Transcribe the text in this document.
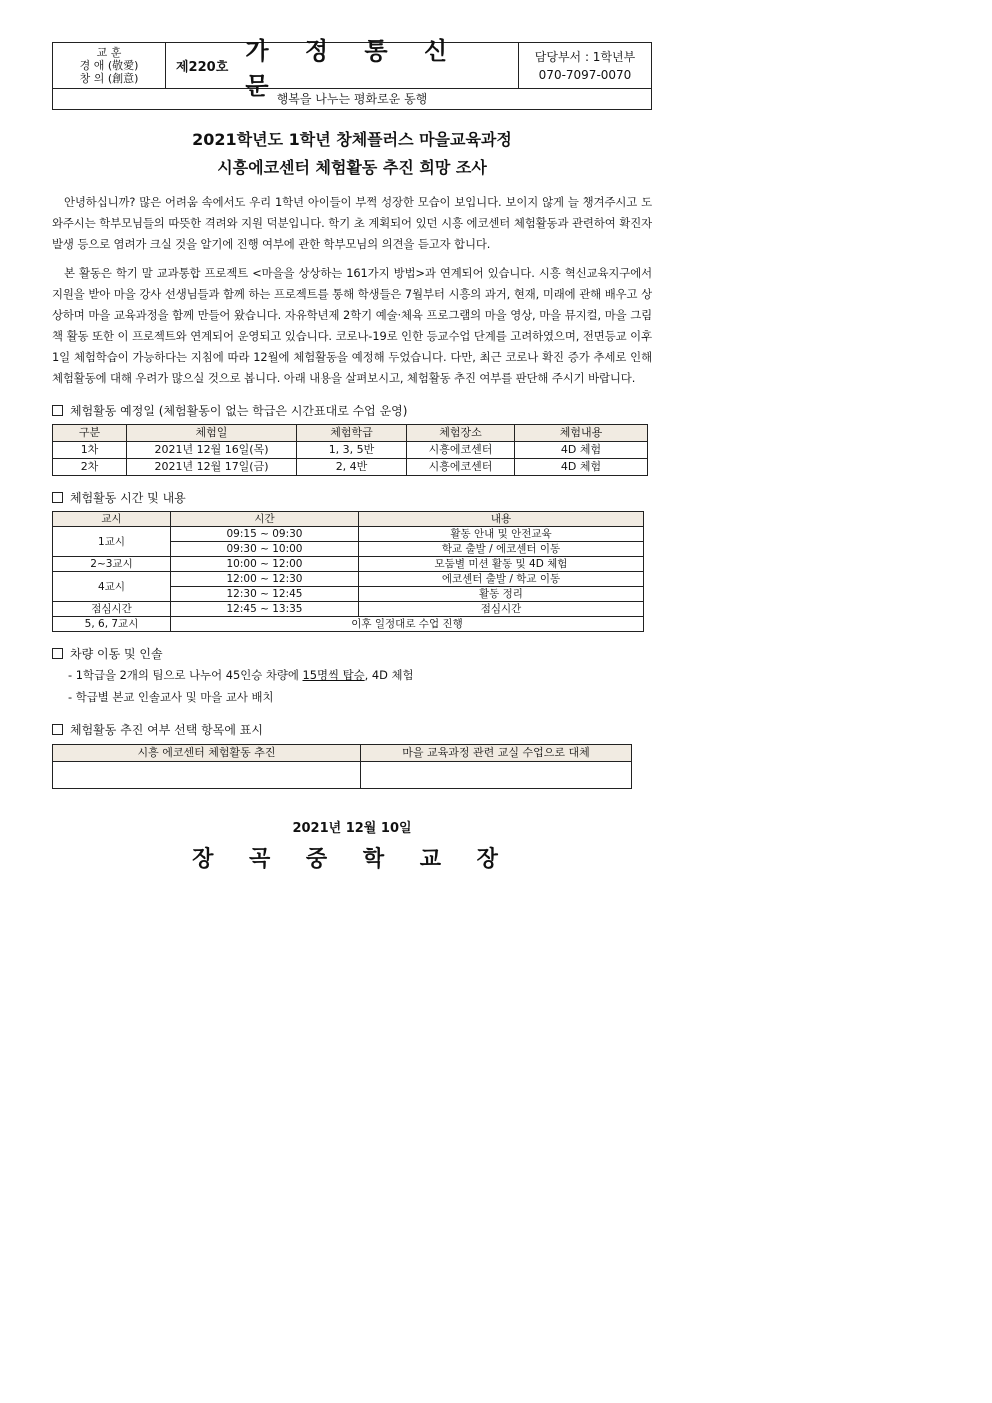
교 훈
경 애 (敬愛)
창 의 (創意)
제220호
가 정 통 신 문
담당부서 : 1학년부
070-7097-0070
행복을 나누는 평화로운 동행
2021학년도 1학년 창체플러스 마을교육과정
시흥에코센터 체험활동 추진 희망 조사

안녕하십니까? 많은 어려움 속에서도 우리 1학년 아이들이 부쩍 성장한 모습이 보입니다. 보이지 않게 늘 챙겨주시고 도와주시는 학부모님들의 따뜻한 격려와 지원 덕분입니다. 학기 초 계획되어 있던 시흥 에코센터 체험활동과 관련하여 확진자 발생 등으로 염려가 크실 것을 알기에 진행 여부에 관한 학부모님의 의견을 듣고자 합니다.

본 활동은 학기 말 교과통합 프로젝트 <마을을 상상하는 161가지 방법>과 연계되어 있습니다. 시흥 혁신교육지구에서 지원을 받아 마을 강사 선생님들과 함께 하는 프로젝트를 통해 학생들은 7월부터 시흥의 과거, 현재, 미래에 관해 배우고 상상하며 마을 교육과정을 함께 만들어 왔습니다. 자유학년제 2학기 예술·체육 프로그램의 마을 영상, 마을 뮤지컬, 마을 그림책 활동 또한 이 프로젝트와 연계되어 운영되고 있습니다. 코로나-19로 인한 등교수업 단계를 고려하였으며, 전면등교 이후 1일 체험학습이 가능하다는 지침에 따라 12월에 체험활동을 예정해 두었습니다. 다만, 최근 코로나 확진 증가 추세로 인해 체험활동에 대해 우려가 많으실 것으로 봅니다. 아래 내용을 살펴보시고, 체험활동 추진 여부를 판단해 주시기 바랍니다.

체험활동 예정일 (체험활동이 없는 학급은 시간표대로 수업 운영)
구분	체험일	체험학급	체험장소	체험내용
1차	2021년 12월 16일(목)	1, 3, 5반	시흥에코센터	4D 체험
2차	2021년 12월 17일(금)	2, 4반	시흥에코센터	4D 체험
체험활동 시간 및 내용
교시	시간	내용
1교시	09:15 ~ 09:30	활동 안내 및 안전교육
	09:30 ~ 10:00	학교 출발 / 에코센터 이동
2~3교시	10:00 ~ 12:00	모둠별 미션 활동 및 4D 체험
4교시	12:00 ~ 12:30	에코센터 출발 / 학교 이동
	12:30 ~ 12:45	활동 정리
점심시간	12:45 ~ 13:35	점심시간
5, 6, 7교시	이후 일정대로 수업 진행	
차량 이동 및 인솔
- 1학급을 2개의 팀으로 나누어 45인승 차량에 15명씩 탑승, 4D 체험
- 학급별 본교 인솔교사 및 마을 교사 배치
체험활동 추진 여부 선택 항목에 표시
시흥 에코센터 체험활동 추진	마을 교육과정 관련 교실 수업으로 대체

2021년 12월 10일
장 곡 중 학 교 장
